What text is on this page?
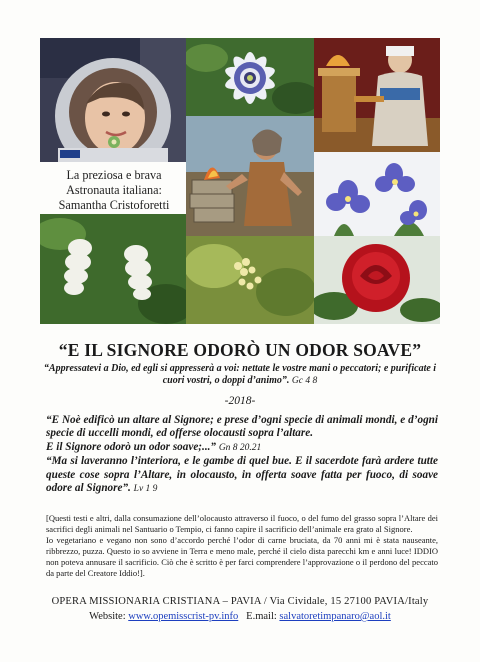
La preziosa e brava
Astronauta italiana:
Samantha Cristoforetti
“E IL SIGNORE ODORÒ UN ODOR SOAVE”
“Appressatevi a Dio, ed egli si appresserà a voi: nettate le vostre mani o peccatori; e purificate i cuori vostri, o doppi d’animo”. Gc 4 8
-2018-

“E Noè edificò un altare al Signore; e prese d’ogni specie di animali mondi, e d’ogni specie di uccelli mondi, ed offerse olocausti sopra l’altare.

E il Signore odorò un odor soave;...” Gn 8 20.21

“Ma si laveranno l’interiora, e le gambe di quel bue. E il sacerdote farà ardere tutte queste cose sopra l’Altare, in olocausto, in offerta soave fatta per fuoco, di soave odore al Signore”. Lv 1 9

[Questi testi e altri, dalla consumazione dell’olocausto attraverso il fuoco, o del fumo del grasso sopra l’Altare dei sacrifici degli animali nel Santuario o Tempio, ci fanno capire il sacrificio dell’animale era grato al Signore.

Io vegetariano e vegano non sono d’accordo perché l’odor di carne bruciata, da 70 anni mi è stata nauseante, ribbrezzo, puzza. Questo io so avviene in Terra e meno male, perché il cielo dista parecchi km e anni luce! IDDIO non poteva annusare il sacrificio. Ciò che è scritto è per farci comprendere l’approvazione o il perdono del peccato da parte del Creatore Iddio!].

OPERA MISSIONARIA CRISTIANA – PAVIA / Via Cividale, 15 27100 PAVIA/Italy
Website: www.opemisscrist-pv.info   E.mail: salvatoretimpanaro@aol.it
